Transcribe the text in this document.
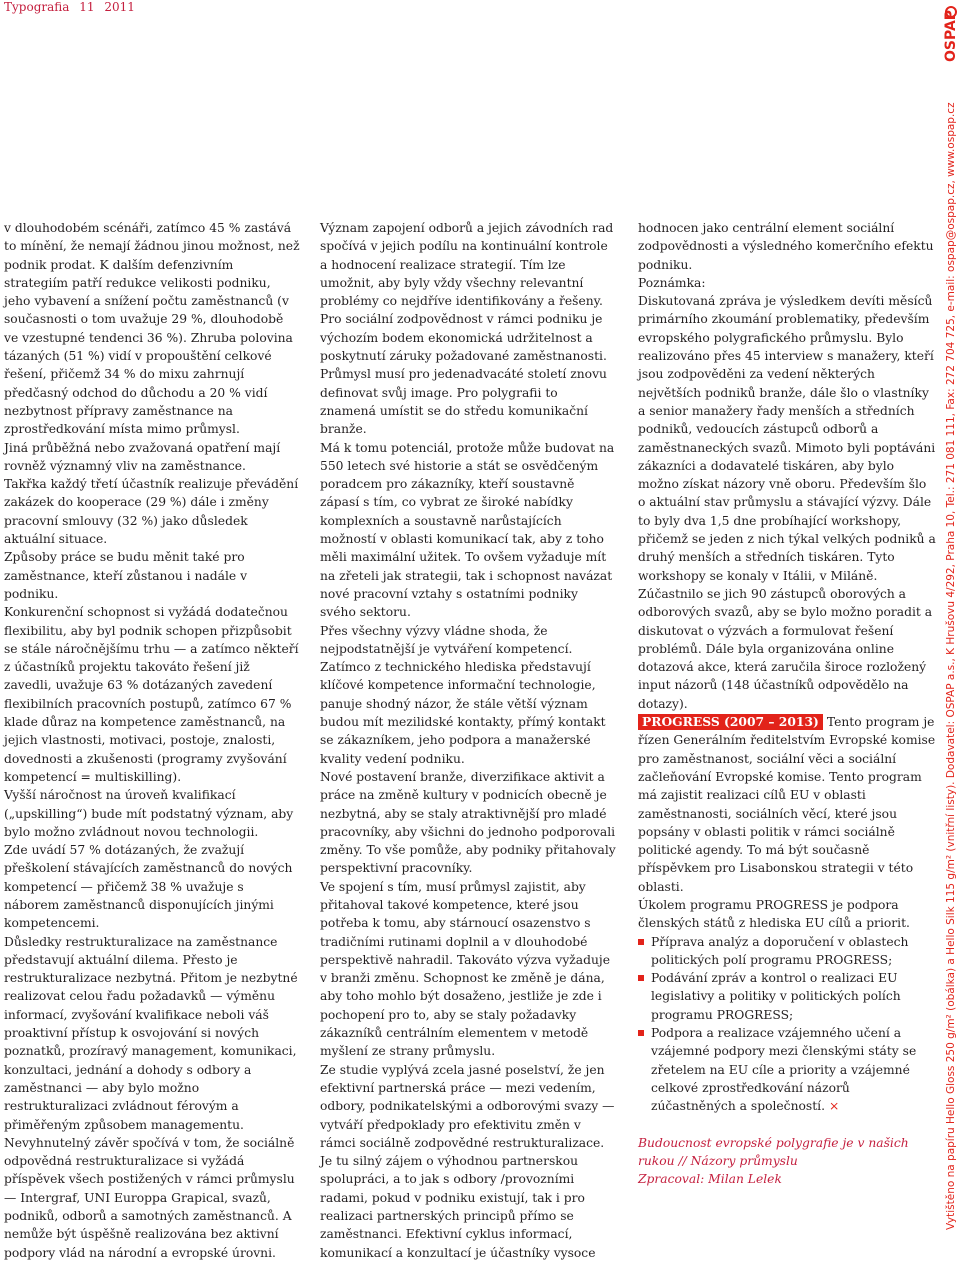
Typografia 11 2011

v dlouhodobém scénáři, zatímco 45 % zastává to mínění, že nemají žádnou jinou možnost, než podnik prodat. K dalším defenzivním strategiím patří redukce velikosti podniku, jeho vybavení a snížení počtu zaměstnanců (v současnosti o tom uvažuje 29 %, dlouhodobě ve vzestupné tendenci 36 %). Zhruba polovina tázaných (51 %) vidí v propouštění celkové řešení, přičemž 34 % do mixu zahrnují předčasný odchod do důchodu a 20 % vidí nezbytnost přípravy zaměstnance na zprostředkování místa mimo průmysl.

Jiná průběžná nebo zvažovaná opatření mají rovněž významný vliv na zaměstnance.

Takřka každý třetí účastník realizuje převádění zakázek do kooperace (29 %) dále i změny pracovní smlouvy (32 %) jako důsledek aktuální situace.

Způsoby práce se budu měnit také pro zaměstnance, kteří zůstanou i nadále v podniku.

Konkurenční schopnost si vyžádá dodatečnou flexibilitu, aby byl podnik schopen přizpůsobit se stále náročnějšímu trhu — a zatímco někteří z účastníků projektu takováto řešení již zavedli, uvažuje 63 % dotázaných zavedení flexibilních pracovních postupů, zatímco 67 % klade důraz na kompetence zaměstnanců, na jejich vlastnosti, motivaci, postoje, znalosti, dovednosti a zkušenosti (programy zvyšování kompetencí = multiskilling).

Vyšší náročnost na úroveň kvalifikací („upskilling“) bude mít podstatný význam, aby bylo možno zvládnout novou technologii.

Zde uvádí 57 % dotázaných, že zvažují přeškolení stávajících zaměstnanců do nových kompetencí — přičemž 38 % uvažuje s náborem zaměstnanců disponujících jinými kompetencemi.

Důsledky restrukturalizace na zaměstnance představují aktuální dilema. Přesto je restrukturalizace nezbytná. Přitom je nezbytné realizovat celou řadu požadavků — výměnu informací, zvyšování kvalifikace neboli váš proaktivní přístup k osvojování si nových poznatků, prozíravý management, komunikaci, konzultaci, jednání a dohody s odbory a zaměstnanci — aby bylo možno restrukturalizaci zvládnout férovým a přiměřeným způsobem managementu.

Nevyhnutelný závěr spočívá v tom, že sociálně odpovědná restrukturalizace si vyžádá příspěvek všech postižených v rámci průmyslu — Intergraf, UNI Europpa Grapical, svazů, podniků, odborů a samotných zaměstnanců. A nemůže být úspěšně realizována bez aktivní podpory vlád na národní a evropské úrovni.

Význam zapojení odborů a jejich závodních rad spočívá v jejich podílu na kontinuální kontrole a hodnocení realizace strategií. Tím lze umožnit, aby byly vždy všechny relevantní problémy co nejdříve identifikovány a řešeny.

Pro sociální zodpovědnost v rámci podniku je výchozím bodem ekonomická udržitelnost a poskytnutí záruky požadované zaměstnanosti.

Průmysl musí pro jedenadvacáté století znovu definovat svůj image. Pro polygrafii to znamená umístit se do středu komunikační branže.

Má k tomu potenciál, protože může budovat na 550 letech své historie a stát se osvědčeným poradcem pro zákazníky, kteří soustavně zápasí s tím, co vybrat ze široké nabídky komplexních a soustavně narůstajících možností v oblasti komunikací tak, aby z toho měli maximální užitek. To ovšem vyžaduje mít na zřeteli jak strategii, tak i schopnost navázat nové pracovní vztahy s ostatními podniky svého sektoru.

Přes všechny výzvy vládne shoda, že nejpodstatnější je vytváření kompetencí.

Zatímco z technického hlediska představují klíčové kompetence informační technologie, panuje shodný názor, že stále větší význam budou mít mezilidské kontakty, přímý kontakt se zákazníkem, jeho podpora a manažerské kvality vedení podniku.

Nové postavení branže, diverzifikace aktivit a práce na změně kultury v podnicích obecně je nezbytná, aby se staly atraktivnější pro mladé pracovníky, aby všichni do jednoho podporovali změny. To vše pomůže, aby podniky přitahovaly perspektivní pracovníky.

Ve spojení s tím, musí průmysl zajistit, aby přitahoval takové kompetence, které jsou potřeba k tomu, aby stárnoucí osazenstvo s tradičními rutinami doplnil a v dlouhodobé perspektivě nahradil. Takováto výzva vyžaduje v branži změnu. Schopnost ke změně je dána, aby toho mohlo být dosaženo, jestliže je zde i pochopení pro to, aby se staly požadavky zákazníků centrálním elementem v metodě myšlení ze strany průmyslu.

Ze studie vyplývá zcela jasné poselství, že jen efektivní partnerská práce — mezi vedením, odbory, podnikatelskými a odborovými svazy — vytváří předpoklady pro efektivitu změn v rámci sociálně zodpovědné restrukturalizace.

Je tu silný zájem o výhodnou partnerskou spolupráci, a to jak s odbory /provozními radami, pokud v podniku existují, tak i pro realizaci partnerských principů přímo se zaměstnanci. Efektivní cyklus informací, komunikací a konzultací je účastníky vysoce

hodnocen jako centrální element sociální zodpovědnosti a výsledného komerčního efektu podniku.

Poznámka:

Diskutovaná zpráva je výsledkem devíti měsíců primárního zkoumání problematiky, především evropského polygrafického průmyslu. Bylo realizováno přes 45 interview s manažery, kteří jsou zodpověděni za vedení některých největších podniků branže, dále šlo o vlastníky a senior manažery řady menších a středních podniků, vedoucích zástupců odborů a zaměstnaneckých svazů. Mimoto byli poptáváni zákazníci a dodavatelé tiskáren, aby bylo možno získat názory vně oboru. Především šlo o aktuální stav průmyslu a stávající výzvy. Dále to byly dva 1,5 dne probíhající workshopy, přičemž se jeden z nich týkal velkých podniků a druhý menších a středních tiskáren. Tyto workshopy se konaly v Itálii, v Miláně. Zúčastnilo se jich 90 zástupců oborových a odborových svazů, aby se bylo možno poradit a diskutovat o výzvách a formulovat řešení problémů. Dále byla organizována online dotazová akce, která zaručila široce rozložený input názorů (148 účastníků odpovědělo na dotazy).

PROGRESS (2007 – 2013) Tento program je řízen Generálním ředitelstvím Evropské komise pro zaměstnanost, sociální věci a sociální začleňování Evropské komise. Tento program má zajistit realizaci cílů EU v oblasti zaměstnanosti, sociálních věcí, které jsou popsány v oblasti politik v rámci sociálně politické agendy. To má být současně příspěvkem pro Lisabonskou strategii v této oblasti.

Úkolem programu PROGRESS je podpora členských států z hlediska EU cílů a priorit.

Příprava analýz a doporučení v oblastech politických polí programu PROGRESS;
Podávání zpráv a kontrol o realizaci EU legislativy a politiky v politických polích programu PROGRESS;
Podpora a realizace vzájemného učení a vzájemné podpory mezi členskými státy se zřetelem na EU cíle a priority a vzájemné celkové zprostředkování názorů zúčastněných a společností. ×

Budoucnost evropské polygrafie je v našich rukou // Názory průmyslu

Zpracoval: Milan Lelek

OSPAP
Vytištěno na papíru Hello Gloss 250 g/m² (obálka) a Hello Silk 115 g/m² (vnitřní listy). Dodavatel: OSPAP a.s., K Hrušovu 4/292, Praha 10, Tel.: 271 081 111, Fax: 272 704 725, e-mail: ospap@ospap.cz, www.ospap.cz
